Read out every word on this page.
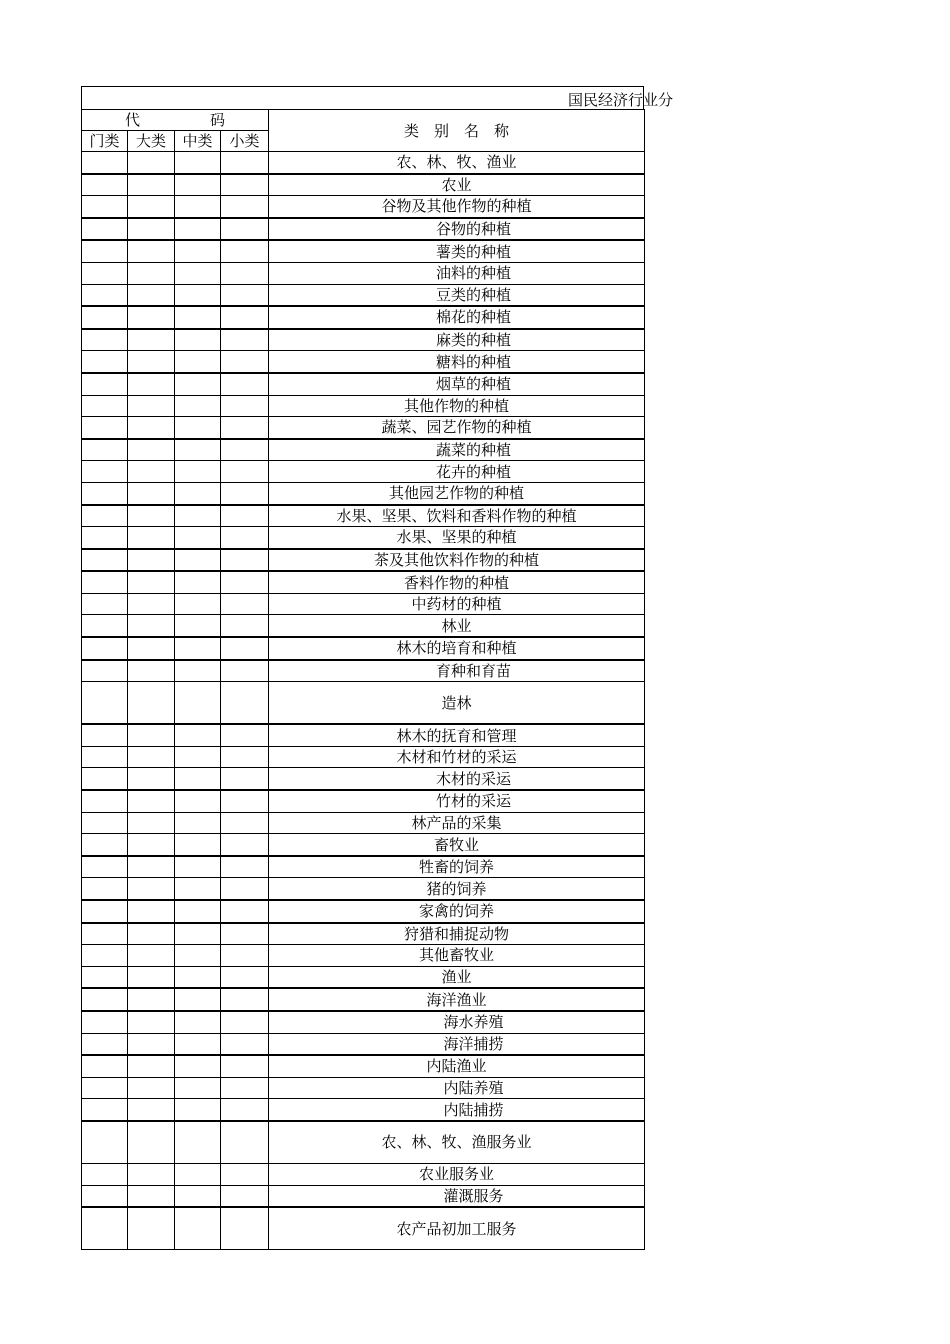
国民经济行业分
代 码				类　别　名　称
门类	大类	中类	小类	
				农、林、牧、渔业
				农业
				谷物及其他作物的种植
				谷物的种植
				薯类的种植
				油料的种植
				豆类的种植
				棉花的种植
				麻类的种植
				糖料的种植
				烟草的种植
				其他作物的种植
				蔬菜、园艺作物的种植
				蔬菜的种植
				花卉的种植
				其他园艺作物的种植
				水果、坚果、饮料和香料作物的种植
				水果、坚果的种植
				茶及其他饮料作物的种植
				香料作物的种植
				中药材的种植
				林业
				林木的培育和种植
				育种和育苗
				造林
				林木的抚育和管理
				木材和竹材的采运
				木材的采运
				竹材的采运
				林产品的采集
				畜牧业
				牲畜的饲养
				猪的饲养
				家禽的饲养
				狩猎和捕捉动物
				其他畜牧业
				渔业
				海洋渔业
				海水养殖
				海洋捕捞
				内陆渔业
				内陆养殖
				内陆捕捞
				农、林、牧、渔服务业
				农业服务业
				灌溉服务
				农产品初加工服务
